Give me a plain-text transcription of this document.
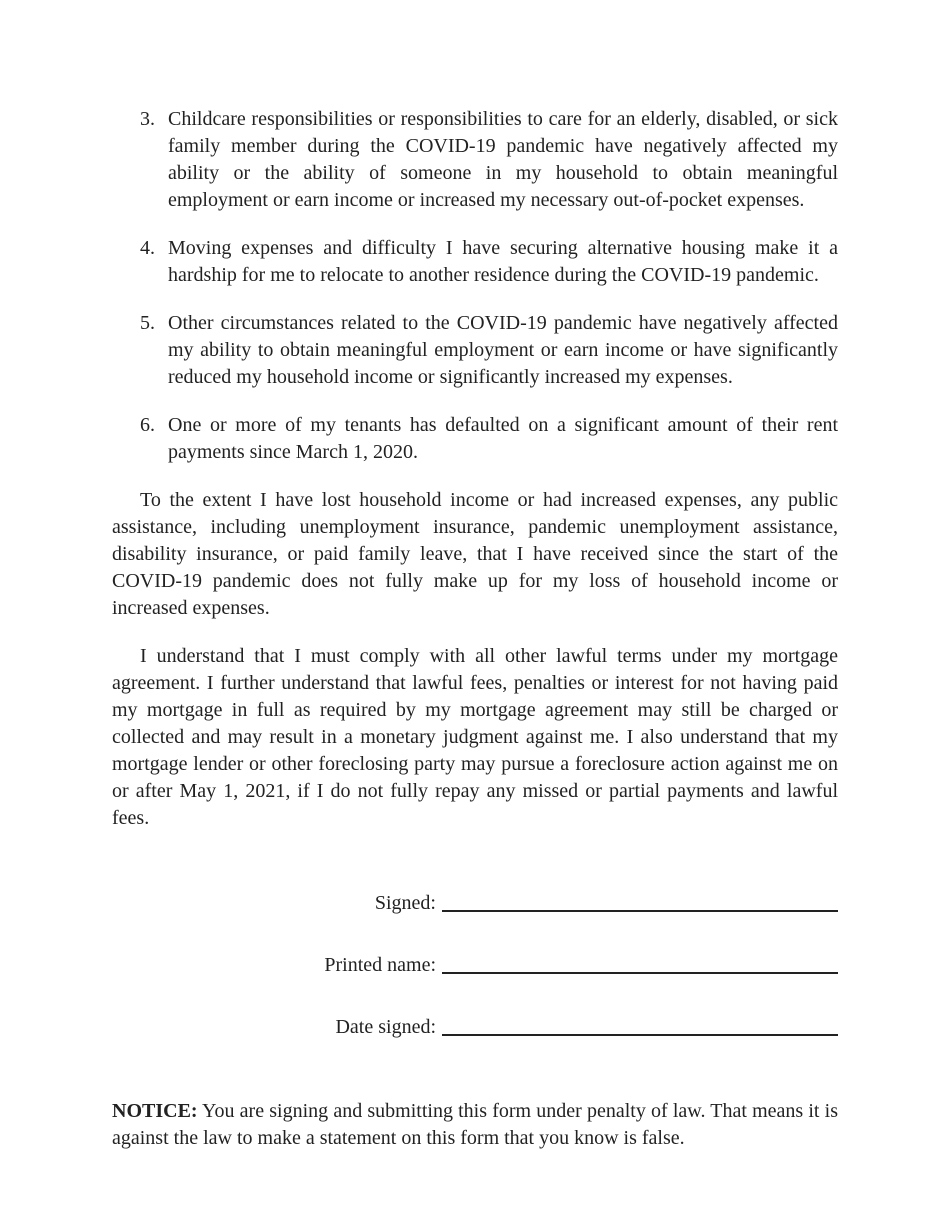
3. Childcare responsibilities or responsibilities to care for an elderly, disabled, or sick family member during the COVID-19 pandemic have negatively affected my ability or the ability of someone in my household to obtain meaningful employment or earn income or increased my necessary out-of-pocket expenses.
4. Moving expenses and difficulty I have securing alternative housing make it a hardship for me to relocate to another residence during the COVID-19 pandemic.
5. Other circumstances related to the COVID-19 pandemic have negatively affected my ability to obtain meaningful employment or earn income or have significantly reduced my household income or significantly increased my expenses.
6. One or more of my tenants has defaulted on a significant amount of their rent payments since March 1, 2020.

To the extent I have lost household income or had increased expenses, any public assistance, including unemployment insurance, pandemic unemployment assistance, disability insurance, or paid family leave, that I have received since the start of the COVID-19 pandemic does not fully make up for my loss of household income or increased expenses.

I understand that I must comply with all other lawful terms under my mortgage agreement. I further understand that lawful fees, penalties or interest for not having paid my mortgage in full as required by my mortgage agreement may still be charged or collected and may result in a monetary judgment against me. I also understand that my mortgage lender or other foreclosing party may pursue a foreclosure action against me on or after May 1, 2021, if I do not fully repay any missed or partial payments and lawful fees.

Signed:
Printed name:
Date signed:
NOTICE: You are signing and submitting this form under penalty of law. That means it is against the law to make a statement on this form that you know is false.
